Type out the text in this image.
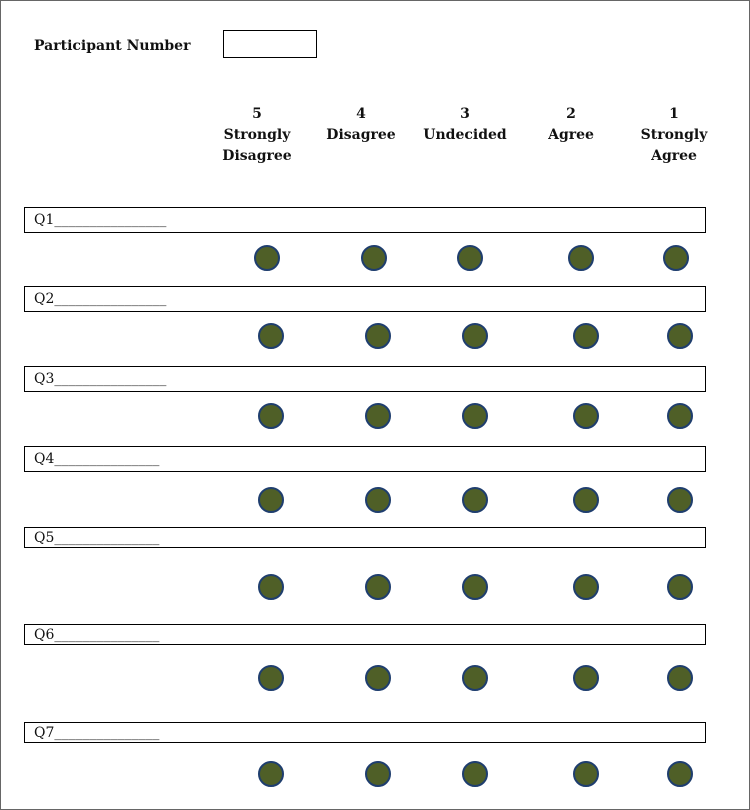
Participant Number
5
Strongly
Disagree
4
Disagree
3
Undecided
2
Agree
1
Strongly
Agree
Q1________________
Q2________________
Q3________________
Q4_______________
Q5_______________
Q6_______________
Q7_______________
